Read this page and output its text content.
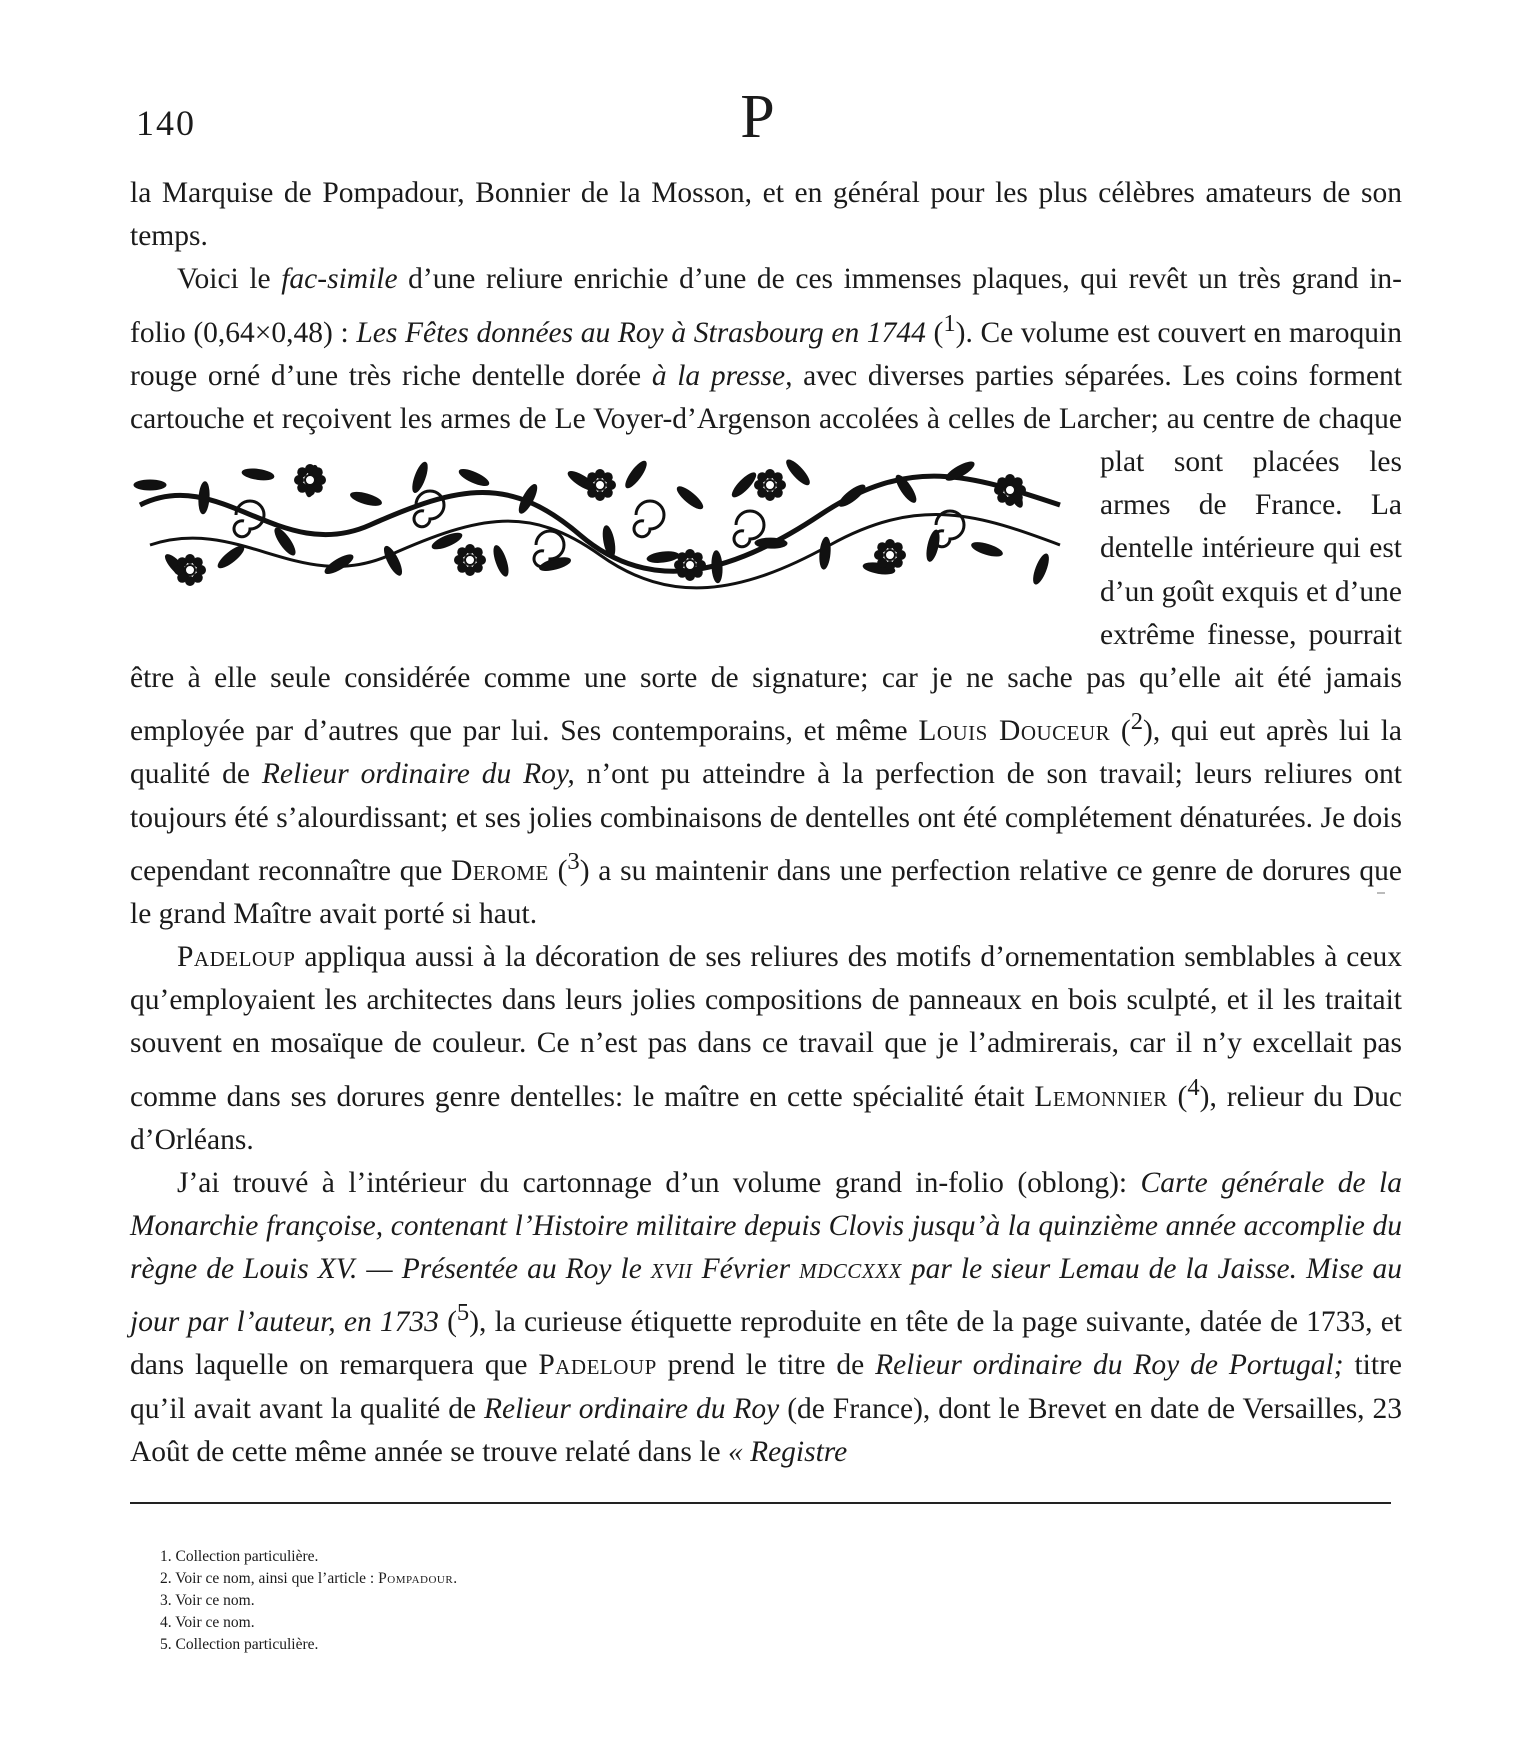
140	P

la Marquise de Pompadour, Bonnier de la Mosson, et en général pour les plus célèbres amateurs de son temps.

Voici le fac-simile d’une reliure enrichie d’une de ces immenses plaques, qui revêt un très grand in-folio (0,64×0,48) : Les Fêtes données au Roy à Strasbourg en 1744 ($^1$). Ce volume est couvert en maroquin rouge orné d’une très riche dentelle dorée à la presse, avec diverses parties séparées. Les coins forment cartouche et reçoivent les armes de Le Voyer-d’Argenson accolées
à celles de Larcher; au centre de chaque plat sont placées les armes de France. La dentelle intérieure qui est d’un goût exquis et d’une extrême finesse, pourrait être à elle seule considérée comme une sorte de signature; car je ne sache pas qu’elle ait été jamais employée par d’autres que par lui. Ses contemporains, et même Louis Douceur ($^2$), qui eut après lui la qualité de Relieur ordinaire du Roy, n’ont pu atteindre à la perfection de son travail; leurs reliures ont toujours été s’alourdissant; et ses jolies combinaisons de dentelles ont été complétement dénaturées. Je dois cependant reconnaître que Derome ($^3$) a su maintenir dans une perfection relative ce genre de dorures que le grand Maître avait porté si haut.

Padeloup appliqua aussi à la décoration de ses reliures des motifs d’ornementation semblables à ceux qu’employaient les architectes dans leurs jolies compositions de panneaux en bois sculpté, et il les traitait souvent en mosaïque de couleur. Ce n’est pas dans ce travail que je l’admirerais, car il n’y excellait pas comme dans ses dorures genre dentelles: le maître en cette spécialité était Lemonnier ($^4$), relieur du Duc d’Orléans.

J’ai trouvé à l’intérieur du cartonnage d’un volume grand in-folio (oblong): Carte générale de la Monarchie françoise, contenant l’Histoire militaire depuis Clovis jusqu’à la quinzième année accomplie du règne de Louis XV. — Présentée au Roy le xvii Février mdccxxx par le sieur Lemau de la Jaisse. Mise au jour par l’auteur, en 1733 ($^5$), la curieuse étiquette reproduite en tête de la page suivante, datée de 1733, et dans laquelle on remarquera que Padeloup prend le titre de Relieur ordinaire du Roy de Portugal; titre qu’il avait avant la qualité de Relieur ordinaire du Roy (de France), dont le Brevet en date de Versailles, 23 Août de cette même année se trouve relaté dans le « Registre

1. Collection particulière.
2. Voir ce nom, ainsi que l’article : Pompadour.
3. Voir ce nom.
4. Voir ce nom.
5. Collection particulière.
